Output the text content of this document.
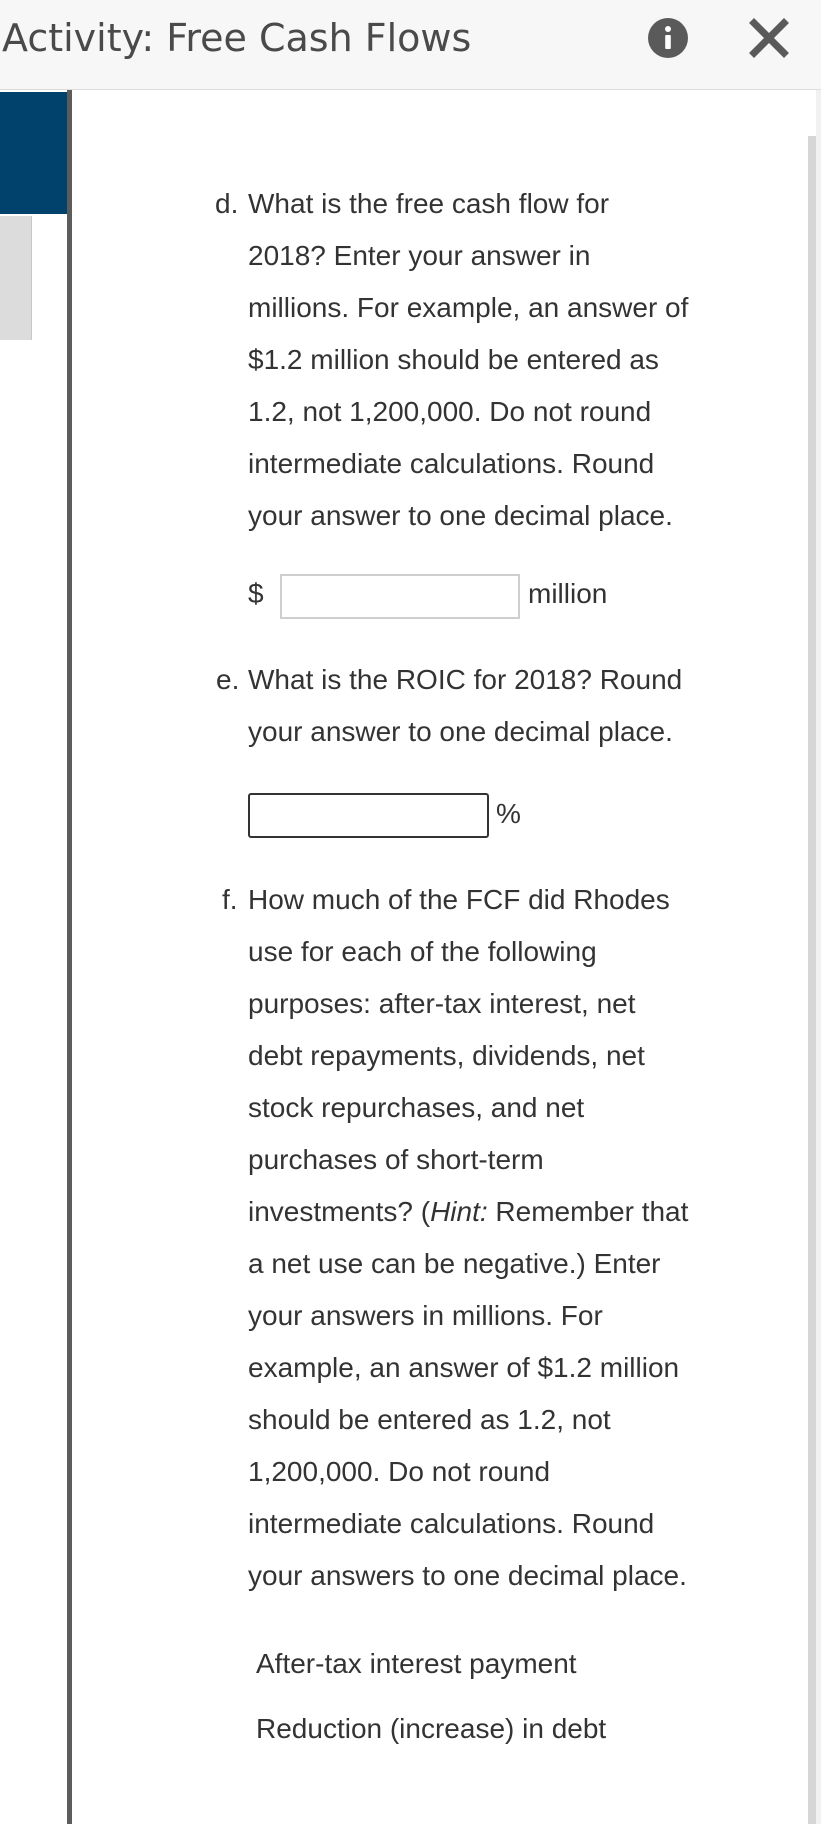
Activity: Free Cash Flows
d. What is the free cash flow for
2018? Enter your answer in
millions. For example, an answer of
$1.2 million should be entered as
1.2, not 1,200,000. Do not round
intermediate calculations. Round
your answer to one decimal place.
$	million
e. What is the ROIC for 2018? Round
your answer to one decimal place.
%
f. How much of the FCF did Rhodes
use for each of the following
purposes: after-tax interest, net
debt repayments, dividends, net
stock repurchases, and net
purchases of short-term
investments? (Hint: Remember that
a net use can be negative.) Enter
your answers in millions. For
example, an answer of $1.2 million
should be entered as 1.2, not
1,200,000. Do not round
intermediate calculations. Round
your answers to one decimal place.
After-tax interest payment
Reduction (increase) in debt
